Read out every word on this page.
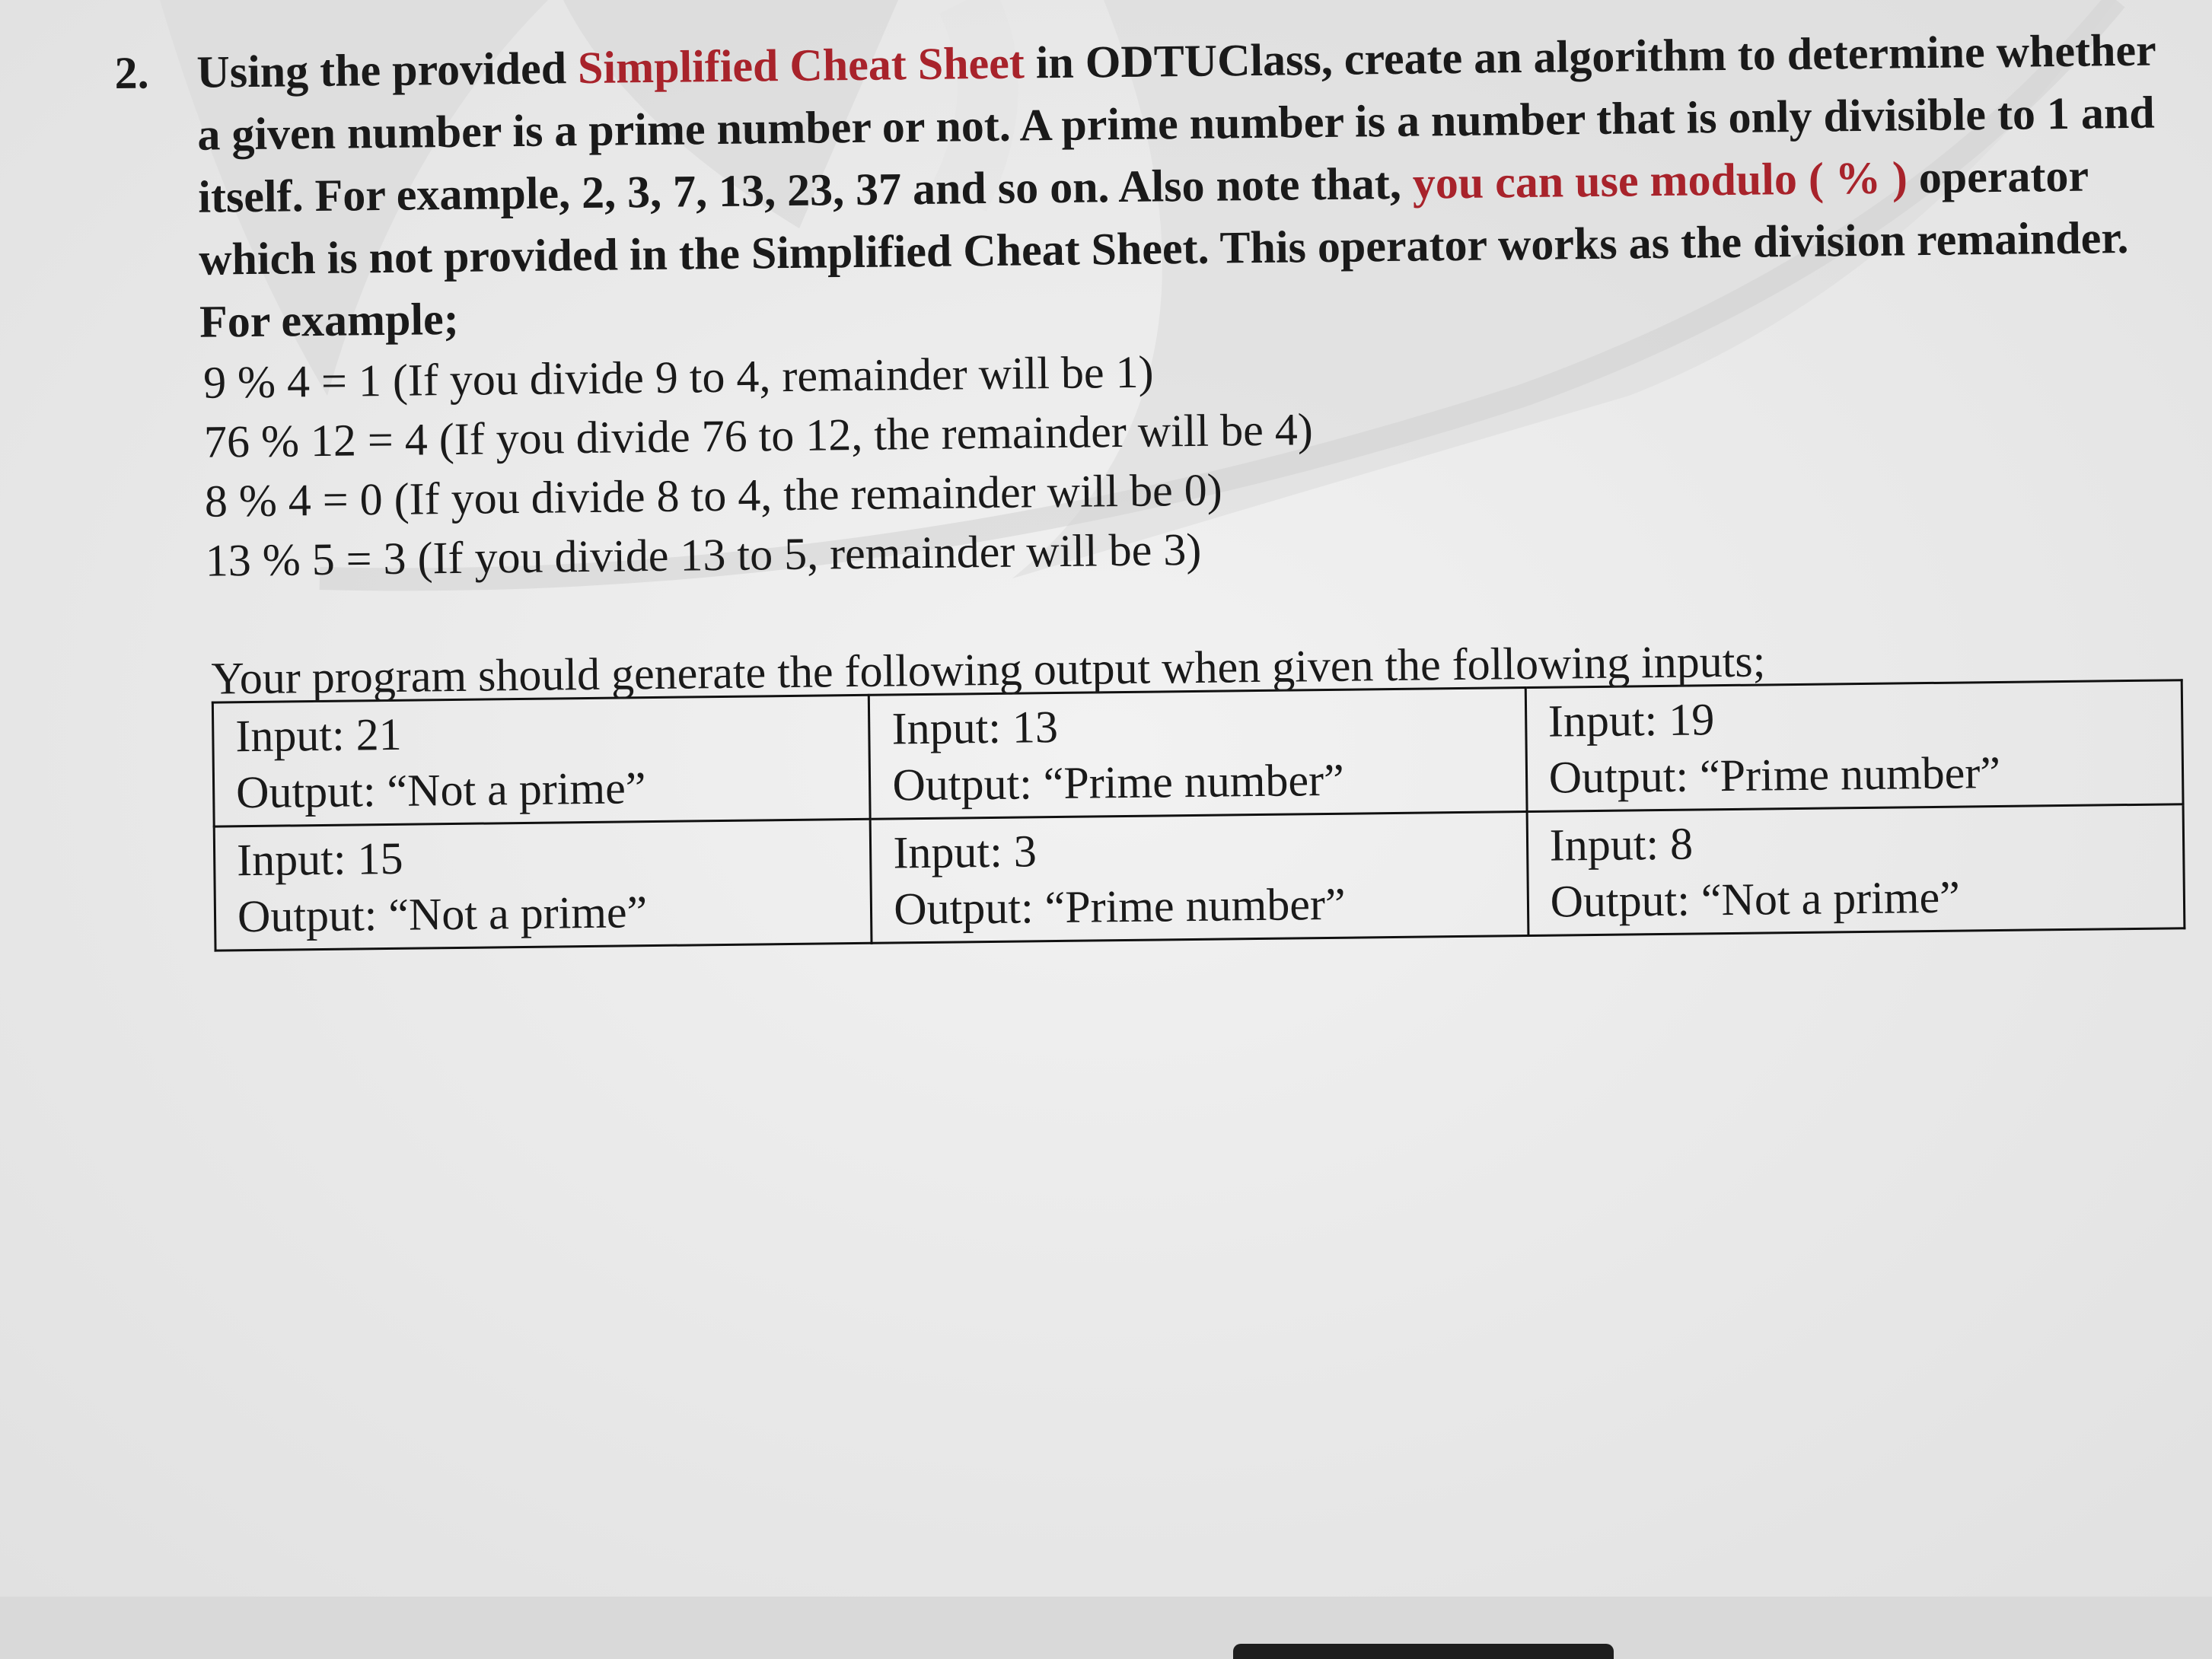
2. Using the provided Simplified Cheat Sheet in ODTUClass, create an algorithm to determine whether a given number is a prime number or not. A prime number is a number that is only divisible to 1 and itself. For example, 2, 3, 7, 13, 23, 37 and so on. Also note that, you can use modulo ( % ) operator which is not provided in the Simplified Cheat Sheet. This operator works as the division remainder.
For example;
9 % 4 = 1 (If you divide 9 to 4, remainder will be 1)
76 % 12 = 4 (If you divide 76 to 12, the remainder will be 4)
8 % 4 = 0 (If you divide 8 to 4, the remainder will be 0)
13 % 5 = 3 (If you divide 13 to 5, remainder will be 3)
Your program should generate the following output when given the following inputs;
Input: 21
Output: “Not a prime”	Input: 13
Output: “Prime number”	Input: 19
Output: “Prime number”

Input: 15
Output: “Not a prime”	Input: 3
Output: “Prime number”	Input: 8
Output: “Not a prime”
